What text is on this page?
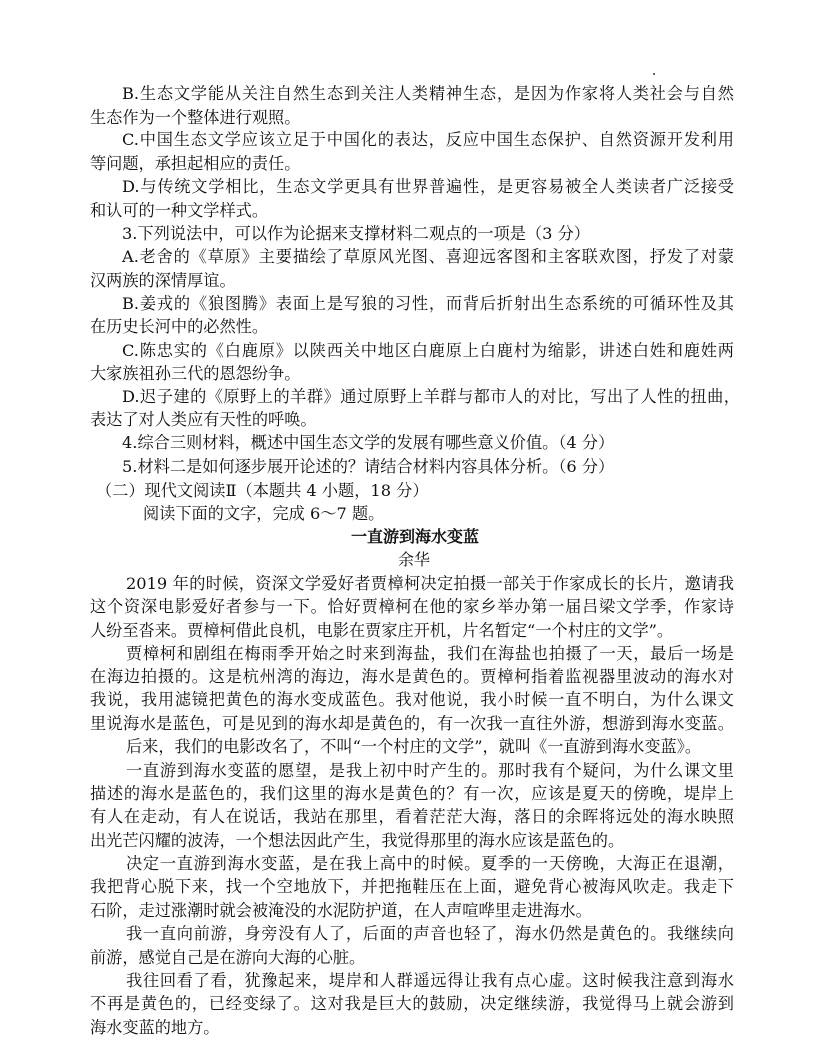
B.生态文学能从关注自然生态到关注人类精神生态，是因为作家将人类社会与自然
生态作为一个整体进行观照。
C.中国生态文学应该立足于中国化的表达，反应中国生态保护、自然资源开发利用
等问题，承担起相应的责任。
D.与传统文学相比，生态文学更具有世界普遍性，是更容易被全人类读者广泛接受
和认可的一种文学样式。
3.下列说法中，可以作为论据来支撑材料二观点的一项是（3 分）
A.老舍的《草原》主要描绘了草原风光图、喜迎远客图和主客联欢图，抒发了对蒙
汉两族的深情厚谊。
B.姜戎的《狼图腾》表面上是写狼的习性，而背后折射出生态系统的可循环性及其
在历史长河中的必然性。
C.陈忠实的《白鹿原》以陕西关中地区白鹿原上白鹿村为缩影，讲述白姓和鹿姓两
大家族祖孙三代的恩怨纷争。
D.迟子建的《原野上的羊群》通过原野上羊群与都市人的对比，写出了人性的扭曲，
表达了对人类应有天性的呼唤。
4.综合三则材料，概述中国生态文学的发展有哪些意义价值。（4 分）
5.材料二是如何逐步展开论述的？请结合材料内容具体分析。（6 分）
（二）现代文阅读Ⅱ（本题共 4 小题，18 分）
阅读下面的文字，完成 6～7 题。
一直游到海水变蓝
余华
2019 年的时候，资深文学爱好者贾樟柯决定拍摄一部关于作家成长的长片，邀请我
这个资深电影爱好者参与一下。恰好贾樟柯在他的家乡举办第一届吕梁文学季，作家诗
人纷至沓来。贾樟柯借此良机，电影在贾家庄开机，片名暂定“一个村庄的文学”。
贾樟柯和剧组在梅雨季开始之时来到海盐，我们在海盐也拍摄了一天，最后一场是
在海边拍摄的。这是杭州湾的海边，海水是黄色的。贾樟柯指着监视器里波动的海水对
我说，我用滤镜把黄色的海水变成蓝色。我对他说，我小时候一直不明白，为什么课文
里说海水是蓝色，可是见到的海水却是黄色的，有一次我一直往外游，想游到海水变蓝。
后来，我们的电影改名了，不叫“一个村庄的文学”，就叫《一直游到海水变蓝》。
一直游到海水变蓝的愿望，是我上初中时产生的。那时我有个疑问，为什么课文里
描述的海水是蓝色的，我们这里的海水是黄色的？有一次，应该是夏天的傍晚，堤岸上
有人在走动，有人在说话，我站在那里，看着茫茫大海，落日的余晖将远处的海水映照
出光芒闪耀的波涛，一个想法因此产生，我觉得那里的海水应该是蓝色的。
决定一直游到海水变蓝，是在我上高中的时候。夏季的一天傍晚，大海正在退潮，
我把背心脱下来，找一个空地放下，并把拖鞋压在上面，避免背心被海风吹走。我走下
石阶，走过涨潮时就会被淹没的水泥防护道，在人声喧哗里走进海水。
我一直向前游，身旁没有人了，后面的声音也轻了，海水仍然是黄色的。我继续向
前游，感觉自己是在游向大海的心脏。
我往回看了看，犹豫起来，堤岸和人群遥远得让我有点心虚。这时候我注意到海水
不再是黄色的，已经变绿了。这对我是巨大的鼓励，决定继续游，我觉得马上就会游到
海水变蓝的地方。
